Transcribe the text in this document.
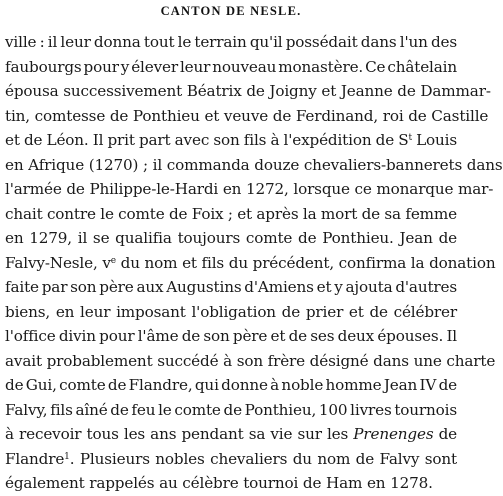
CANTON DE NESLE.
ville : il leur donna tout le terrain qu'il possédait dans l'un des
faubourgs pour y élever leur nouveau monastère. Ce châtelain
épousa successivement Béatrix de Joigny et Jeanne de Dammar-
tin, comtesse de Ponthieu et veuve de Ferdinand, roi de Castille
et de Léon. Il prit part avec son fils à l'expédition de $S^t$ Louis
en Afrique (1270) ; il commanda douze chevaliers-bannerets dans
l'armée de Philippe-le-Hardi en 1272, lorsque ce monarque mar-
chait contre le comte de Foix ; et après la mort de sa femme
en 1279, il se qualifia toujours comte de Ponthieu. Jean de
Falvy-Nesle, $v^e$ du nom et fils du précédent, confirma la donation
faite par son père aux Augustins d'Amiens et y ajouta d'autres
biens, en leur imposant l'obligation de prier et de célébrer
l'office divin pour l'âme de son père et de ses deux épouses. Il
avait probablement succédé à son frère désigné dans une charte
de Gui, comte de Flandre, qui donne à noble homme Jean IV de
Falvy, fils aîné de feu le comte de Ponthieu, 100 livres tournois
à recevoir tous les ans pendant sa vie sur les Prenenges de
Flandre$^1$. Plusieurs nobles chevaliers du nom de Falvy sont
également rappelés au célèbre tournoi de Ham en 1278.
